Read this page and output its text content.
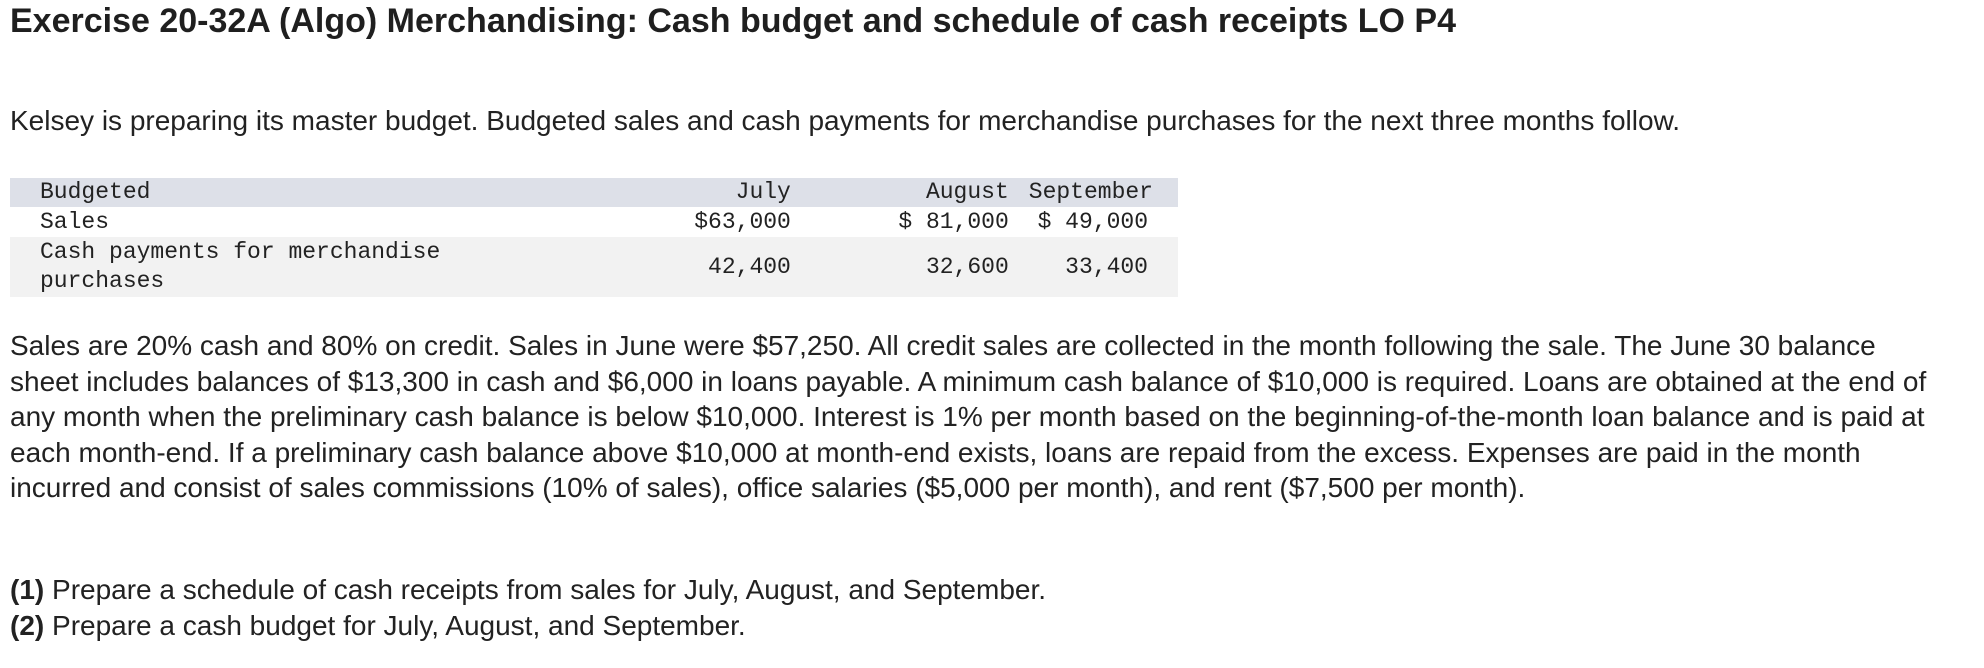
Exercise 20-32A (Algo) Merchandising: Cash budget and schedule of cash receipts LO P4
Kelsey is preparing its master budget. Budgeted sales and cash payments for merchandise purchases for the next three months follow.
Budgeted	July	August	September
Sales	$63,000	$ 81,000	$ 49,000

Cash payments for merchandise
purchases	42,400	32,600	33,400

Sales are 20% cash and 80% on credit. Sales in June were $57,250. All credit sales are collected in the month following the sale. The June 30 balance sheet includes balances of $13,300 in cash and $6,000 in loans payable. A minimum cash balance of $10,000 is required. Loans are obtained at the end of any month when the preliminary cash balance is below $10,000. Interest is 1% per month based on the beginning-of-the-month loan balance and is paid at each month-end. If a preliminary cash balance above $10,000 at month-end exists, loans are repaid from the excess. Expenses are paid in the month incurred and consist of sales commissions (10% of sales), office salaries ($5,000 per month), and rent ($7,500 per month).

(1) Prepare a schedule of cash receipts from sales for July, August, and September.
(2) Prepare a cash budget for July, August, and September.
